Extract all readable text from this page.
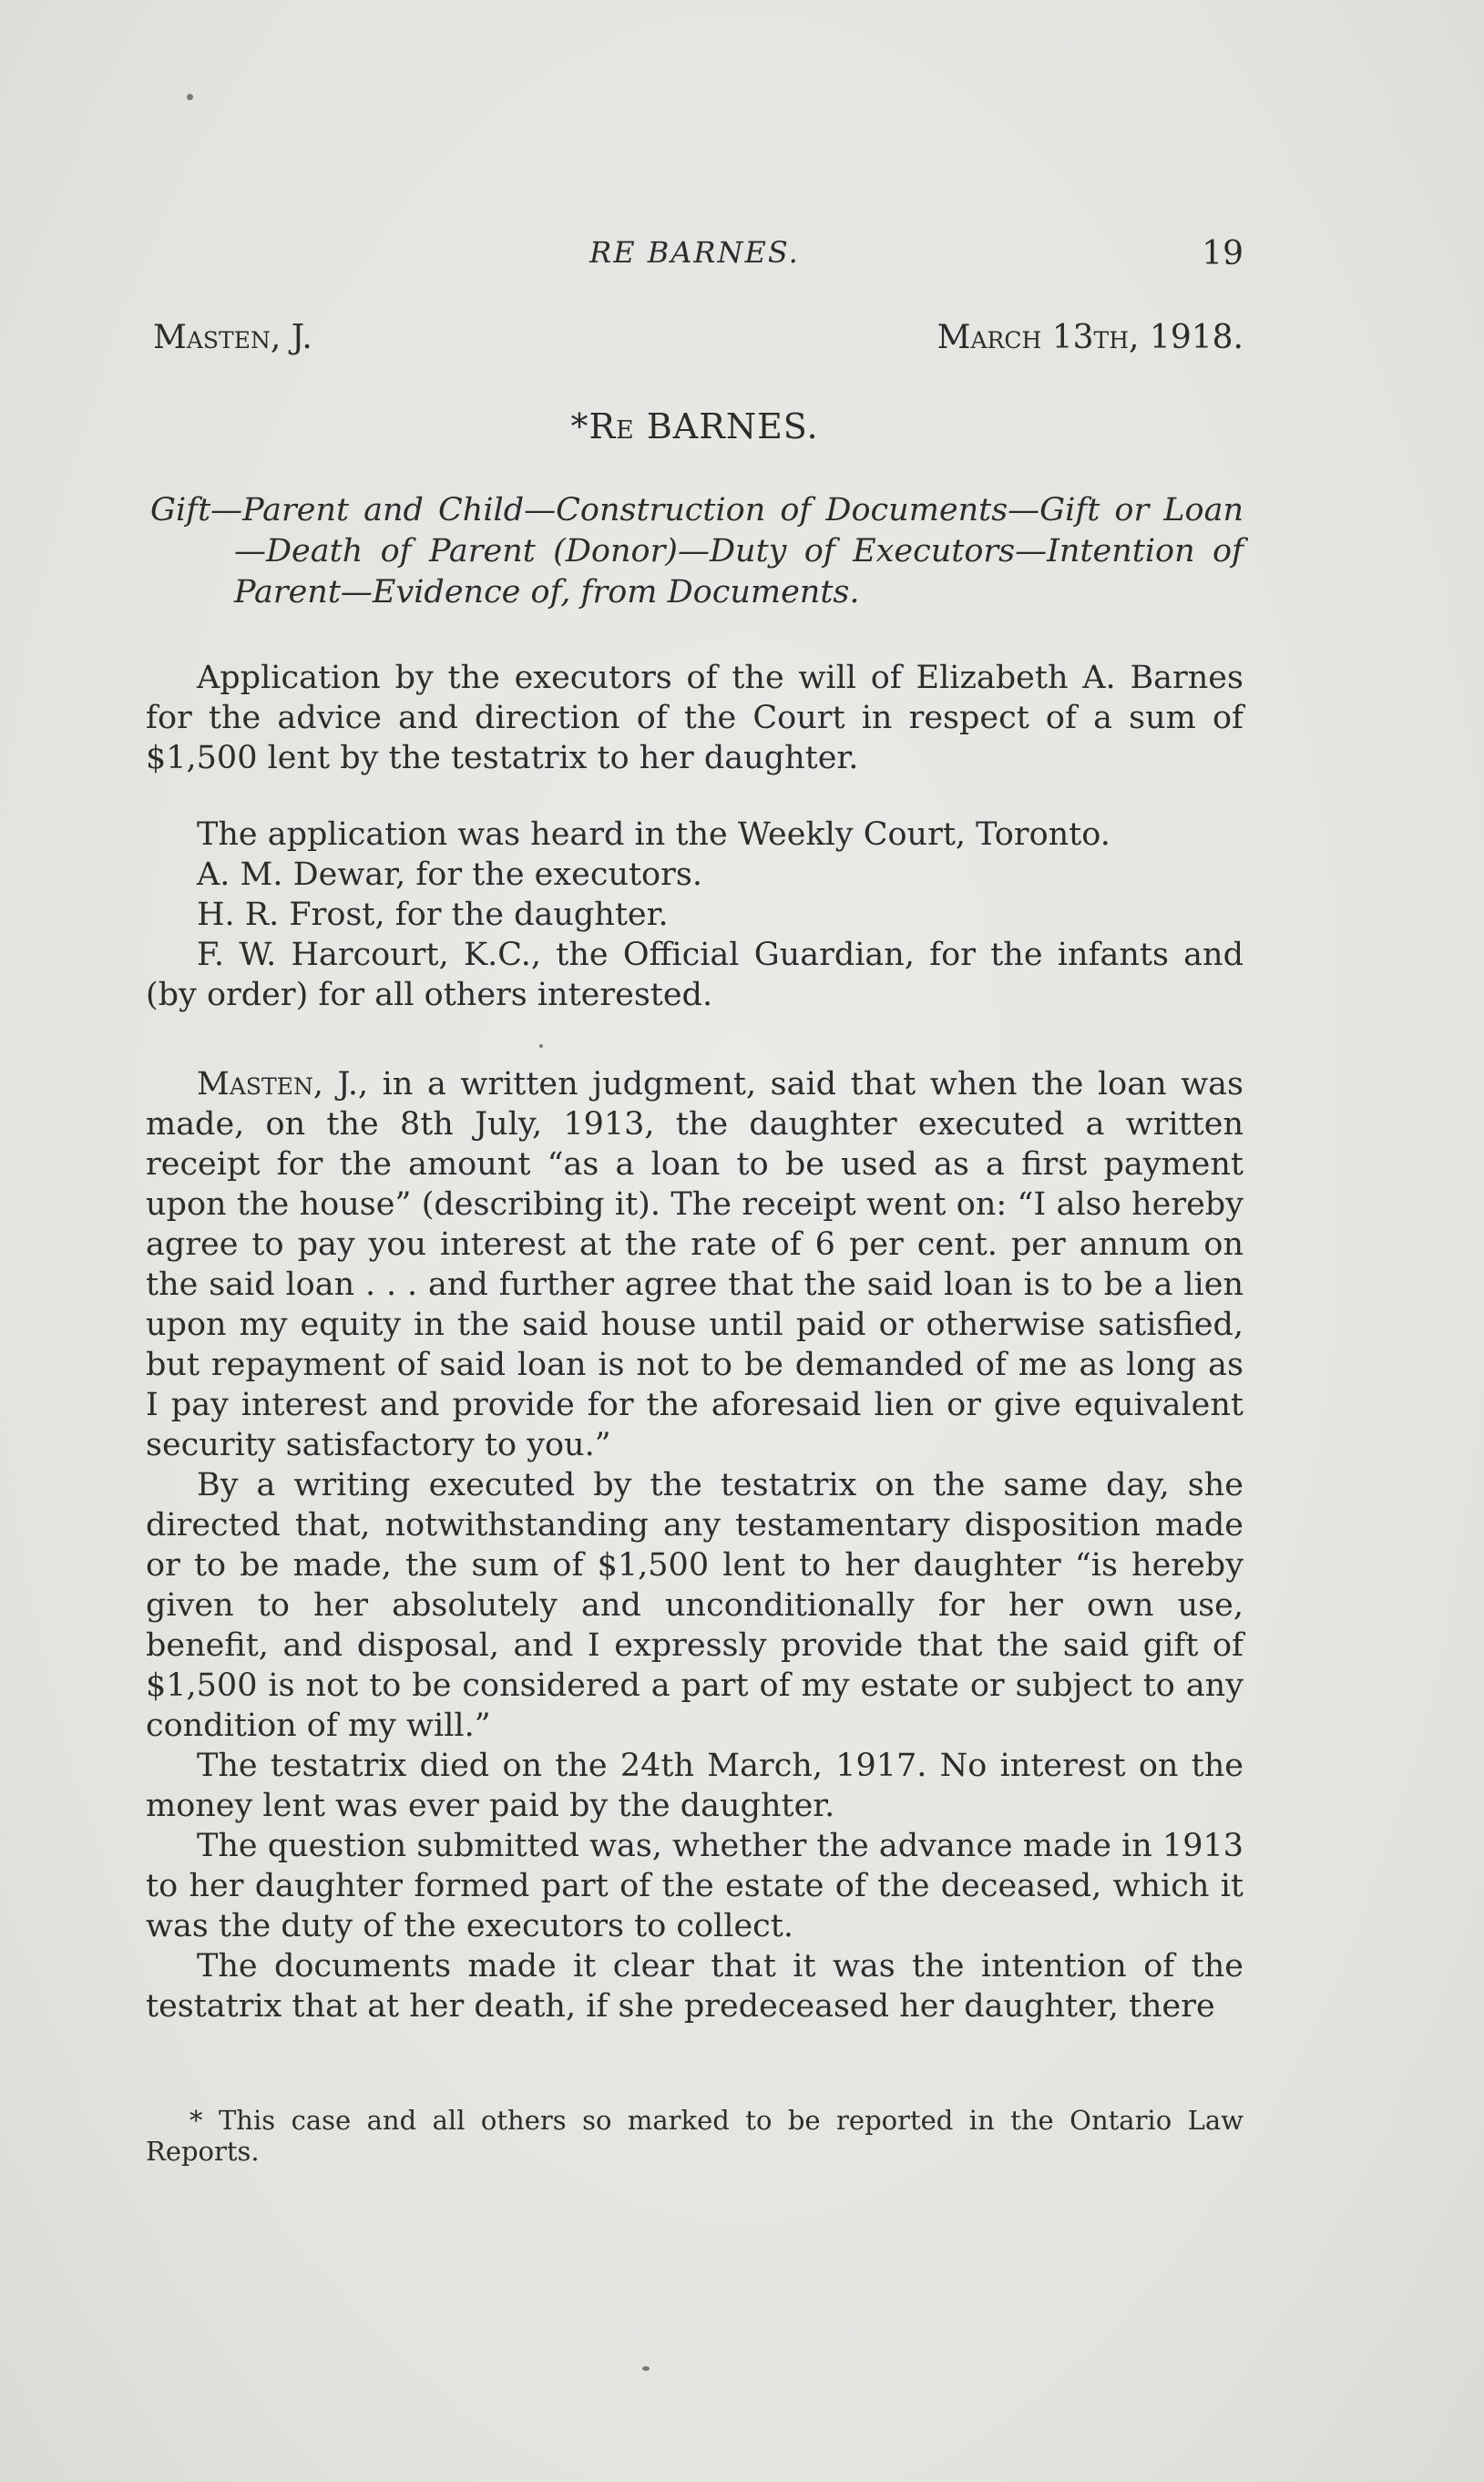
RE BARNES.	19
Masten, J.	March 13th, 1918.
*Re BARNES.
Gift—Parent and Child—Construction of Documents—Gift or Loan —Death of Parent (Donor)—Duty of Executors—Intention of Parent—Evidence of, from Documents.

Application by the executors of the will of Elizabeth A. Barnes for the advice and direction of the Court in respect of a sum of $1,500 lent by the testatrix to her daughter.

The application was heard in the Weekly Court, Toronto.

A. M. Dewar, for the executors.

H. R. Frost, for the daughter.

F. W. Harcourt, K.C., the Official Guardian, for the infants and (by order) for all others interested.

Masten, J., in a written judgment, said that when the loan was made, on the 8th July, 1913, the daughter executed a written receipt for the amount “as a loan to be used as a first payment upon the house” (describing it). The receipt went on: “I also hereby agree to pay you interest at the rate of 6 per cent. per annum on the said loan . . . and further agree that the said loan is to be a lien upon my equity in the said house until paid or otherwise satisfied, but repayment of said loan is not to be demanded of me as long as I pay interest and provide for the aforesaid lien or give equivalent security satisfactory to you.”

By a writing executed by the testatrix on the same day, she directed that, notwithstanding any testamentary disposition made or to be made, the sum of $1,500 lent to her daughter “is hereby given to her absolutely and unconditionally for her own use, benefit, and disposal, and I expressly provide that the said gift of $1,500 is not to be considered a part of my estate or subject to any condition of my will.”

The testatrix died on the 24th March, 1917. No interest on the money lent was ever paid by the daughter.

The question submitted was, whether the advance made in 1913 to her daughter formed part of the estate of the deceased, which it was the duty of the executors to collect.

The documents made it clear that it was the intention of the testatrix that at her death, if she predeceased her daughter, there

* This case and all others so marked to be reported in the Ontario Law Reports.
